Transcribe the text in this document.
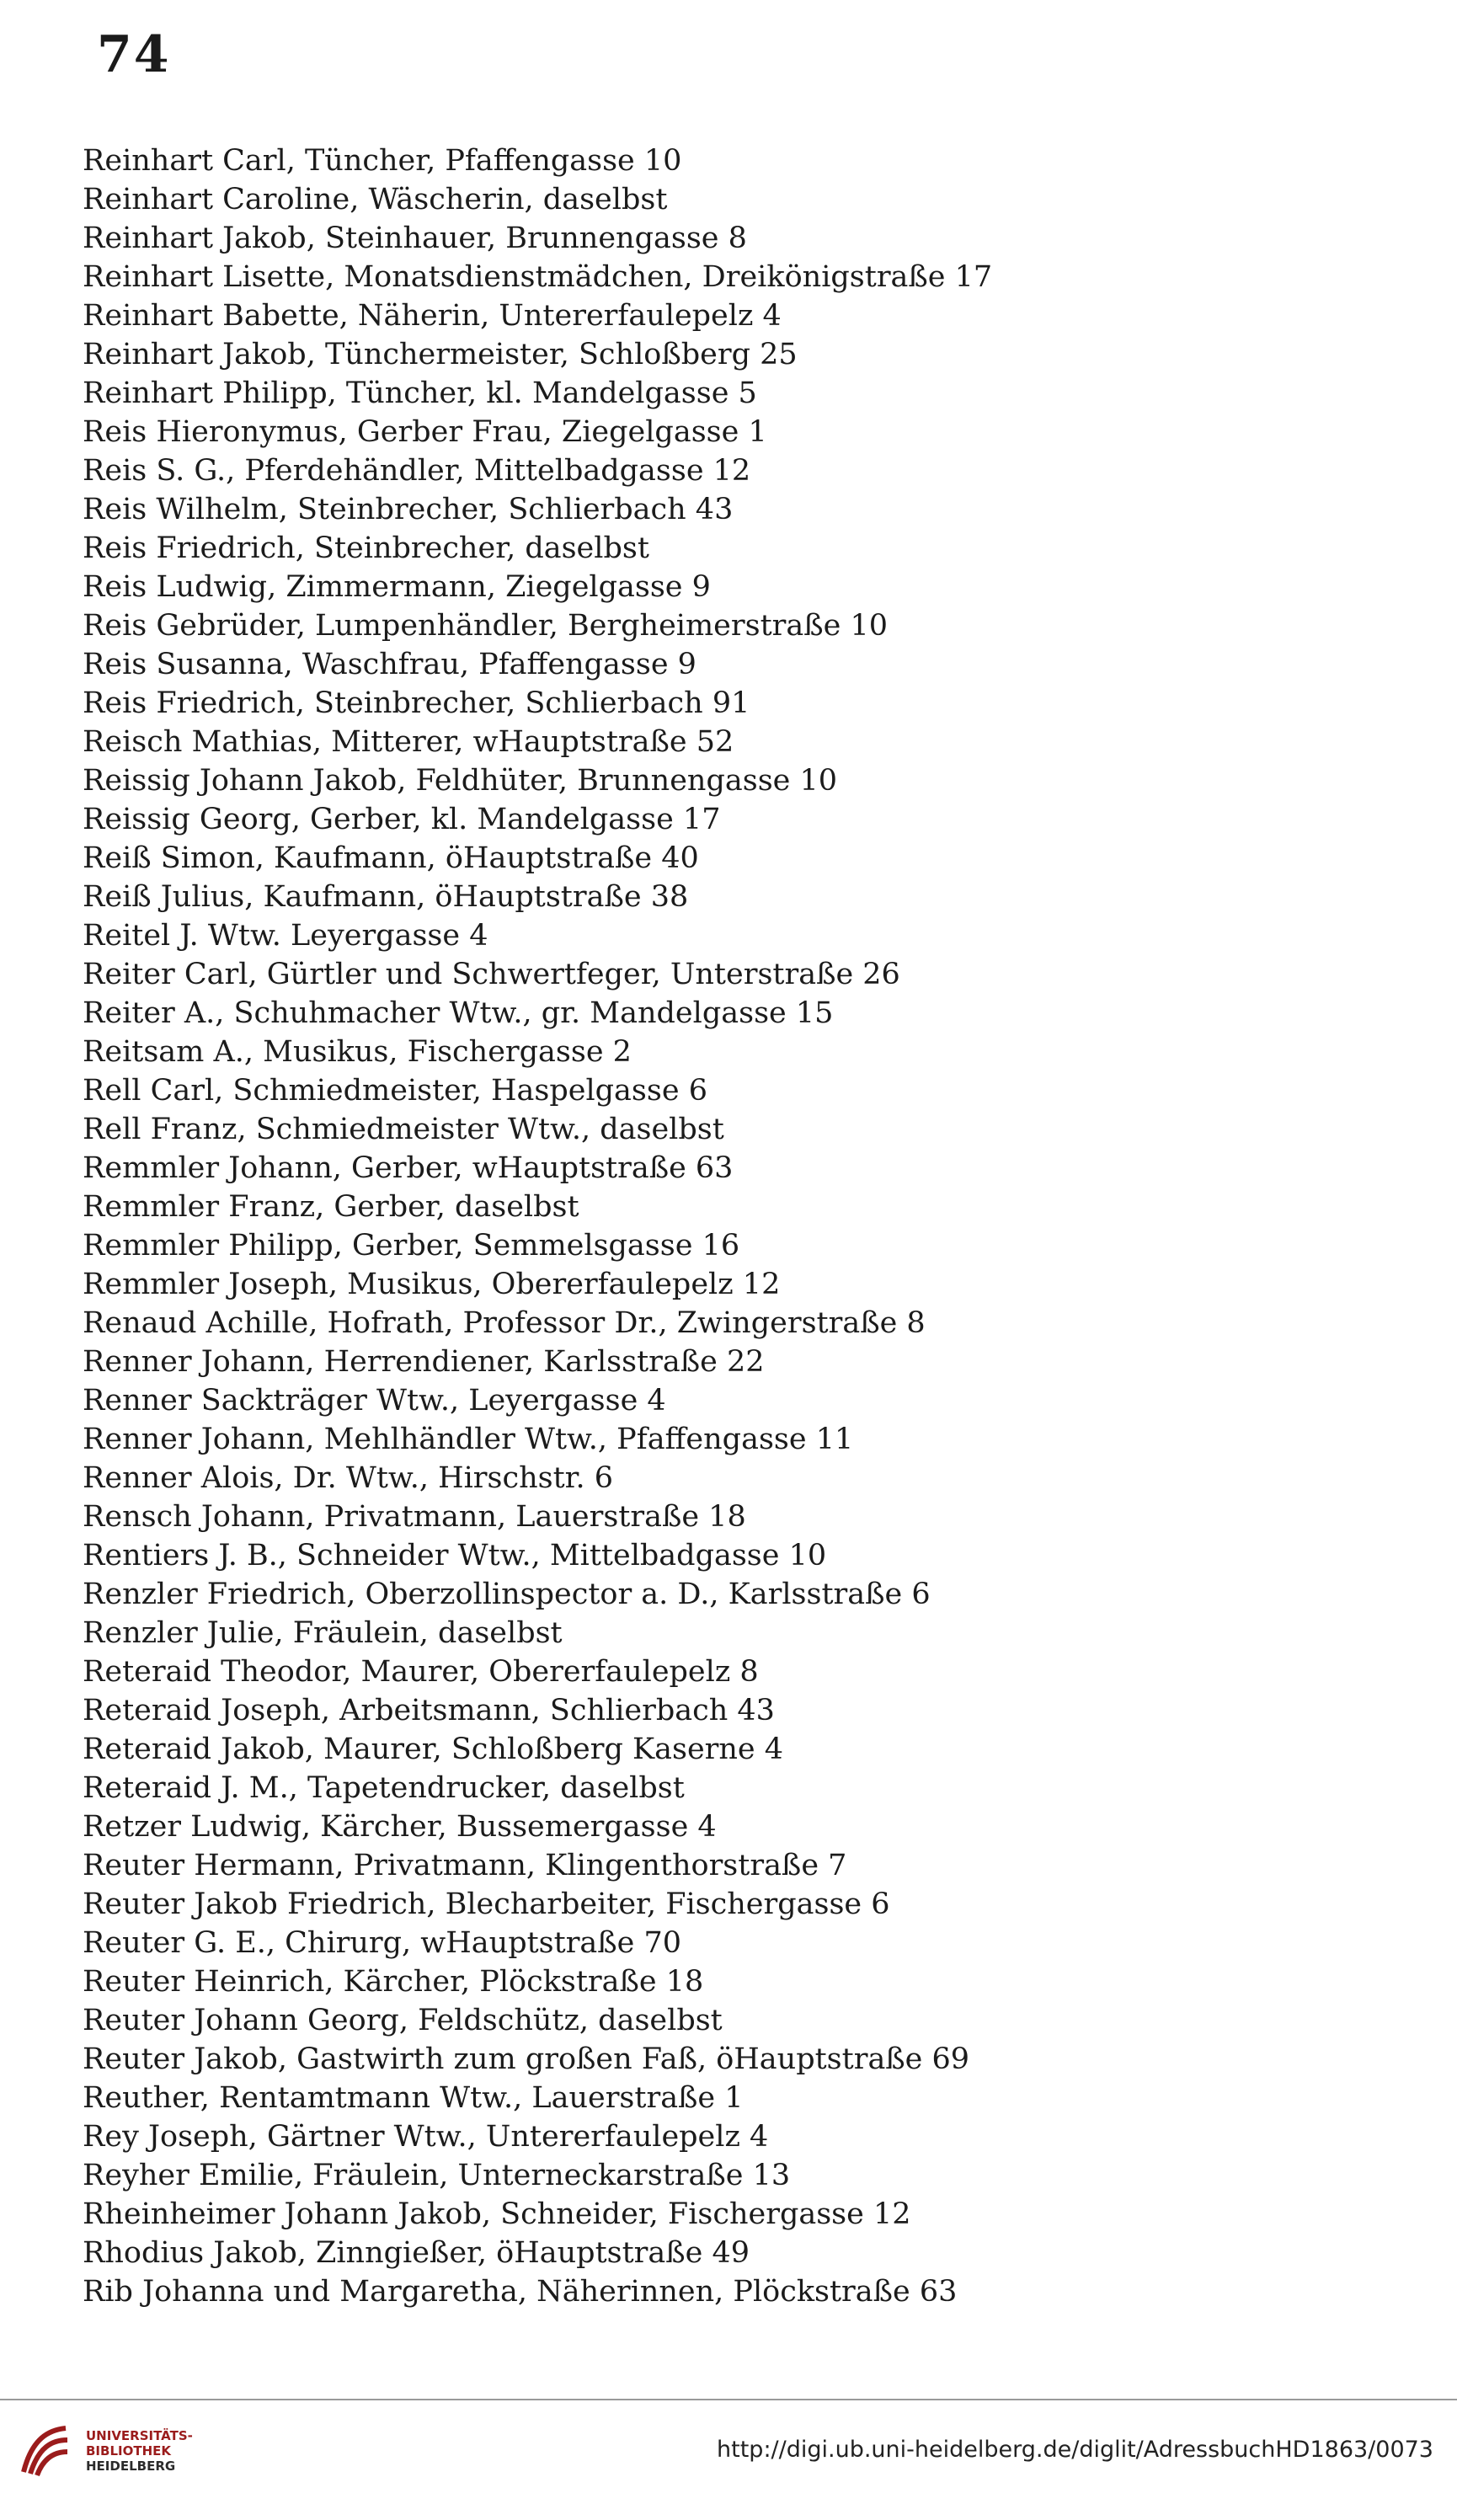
74
Reinhart Carl, Tüncher, Pfaffengasse 10
Reinhart Caroline, Wäscherin, daselbst
Reinhart Jakob, Steinhauer, Brunnengasse 8
Reinhart Lisette, Monatsdienstmädchen, Dreikönigstraße 17
Reinhart Babette, Näherin, Untererfaulepelz 4
Reinhart Jakob, Tünchermeister, Schloßberg 25
Reinhart Philipp, Tüncher, kl. Mandelgasse 5
Reis Hieronymus, Gerber Frau, Ziegelgasse 1
Reis S. G., Pferdehändler, Mittelbadgasse 12
Reis Wilhelm, Steinbrecher, Schlierbach 43
Reis Friedrich, Steinbrecher, daselbst
Reis Ludwig, Zimmermann, Ziegelgasse 9
Reis Gebrüder, Lumpenhändler, Bergheimerstraße 10
Reis Susanna, Waschfrau, Pfaffengasse 9
Reis Friedrich, Steinbrecher, Schlierbach 91
Reisch Mathias, Mitterer, wHauptstraße 52
Reissig Johann Jakob, Feldhüter, Brunnengasse 10
Reissig Georg, Gerber, kl. Mandelgasse 17
Reiß Simon, Kaufmann, öHauptstraße 40
Reiß Julius, Kaufmann, öHauptstraße 38
Reitel J. Wtw. Leyergasse 4
Reiter Carl, Gürtler und Schwertfeger, Unterstraße 26
Reiter A., Schuhmacher Wtw., gr. Mandelgasse 15
Reitsam A., Musikus, Fischergasse 2
Rell Carl, Schmiedmeister, Haspelgasse 6
Rell Franz, Schmiedmeister Wtw., daselbst
Remmler Johann, Gerber, wHauptstraße 63
Remmler Franz, Gerber, daselbst
Remmler Philipp, Gerber, Semmelsgasse 16
Remmler Joseph, Musikus, Obererfaulepelz 12
Renaud Achille, Hofrath, Professor Dr., Zwingerstraße 8
Renner Johann, Herrendiener, Karlsstraße 22
Renner Sackträger Wtw., Leyergasse 4
Renner Johann, Mehlhändler Wtw., Pfaffengasse 11
Renner Alois, Dr. Wtw., Hirschstr. 6
Rensch Johann, Privatmann, Lauerstraße 18
Rentiers J. B., Schneider Wtw., Mittelbadgasse 10
Renzler Friedrich, Oberzollinspector a. D., Karlsstraße 6
Renzler Julie, Fräulein, daselbst
Reteraid Theodor, Maurer, Obererfaulepelz 8
Reteraid Joseph, Arbeitsmann, Schlierbach 43
Reteraid Jakob, Maurer, Schloßberg Kaserne 4
Reteraid J. M., Tapetendrucker, daselbst
Retzer Ludwig, Kärcher, Bussemergasse 4
Reuter Hermann, Privatmann, Klingenthorstraße 7
Reuter Jakob Friedrich, Blecharbeiter, Fischergasse 6
Reuter G. E., Chirurg, wHauptstraße 70
Reuter Heinrich, Kärcher, Plöckstraße 18
Reuter Johann Georg, Feldschütz, daselbst
Reuter Jakob, Gastwirth zum großen Faß, öHauptstraße 69
Reuther, Rentamtmann Wtw., Lauerstraße 1
Rey Joseph, Gärtner Wtw., Untererfaulepelz 4
Reyher Emilie, Fräulein, Unterneckarstraße 13
Rheinheimer Johann Jakob, Schneider, Fischergasse 12
Rhodius Jakob, Zinngießer, öHauptstraße 49
Rib Johanna und Margaretha, Näherinnen, Plöckstraße 63
UNIVERSITÄTS-
BIBLIOTHEK
HEIDELBERG
http://digi.ub.uni-heidelberg.de/diglit/AdressbuchHD1863/0073
